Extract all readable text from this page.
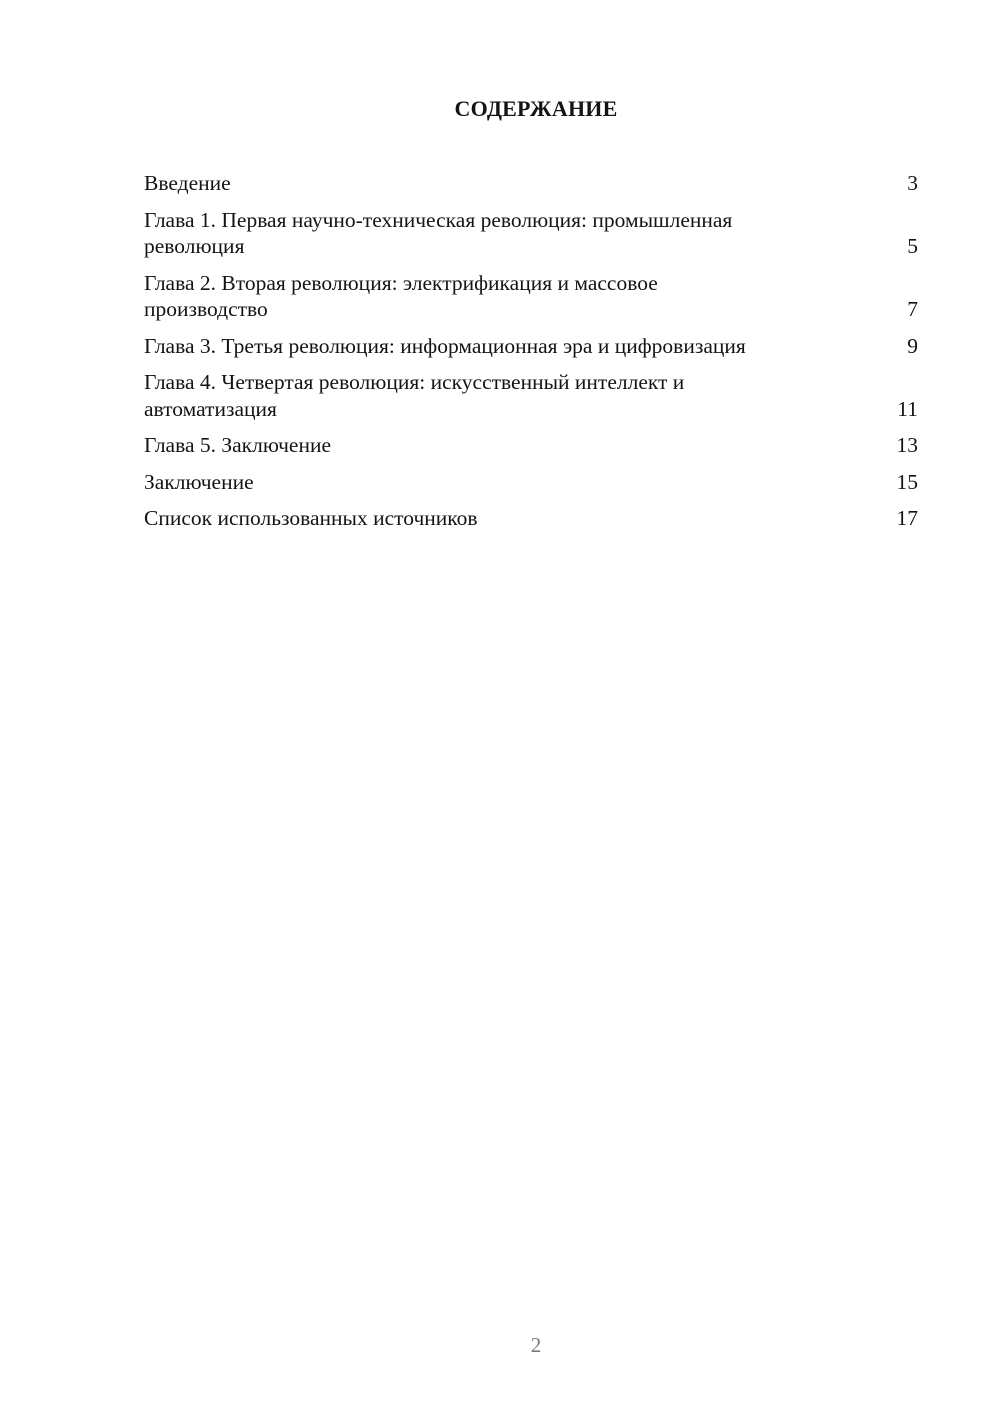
СОДЕРЖАНИЕ
Введение	3
Глава 1. Первая научно-техническая революция: промышленная революция	5
Глава 2. Вторая революция: электрификация и массовое производство	7
Глава 3. Третья революция: информационная эра и цифровизация	9
Глава 4. Четвертая революция: искусственный интеллект и автоматизация	11
Глава 5. Заключение	13
Заключение	15
Список использованных источников	17
2
